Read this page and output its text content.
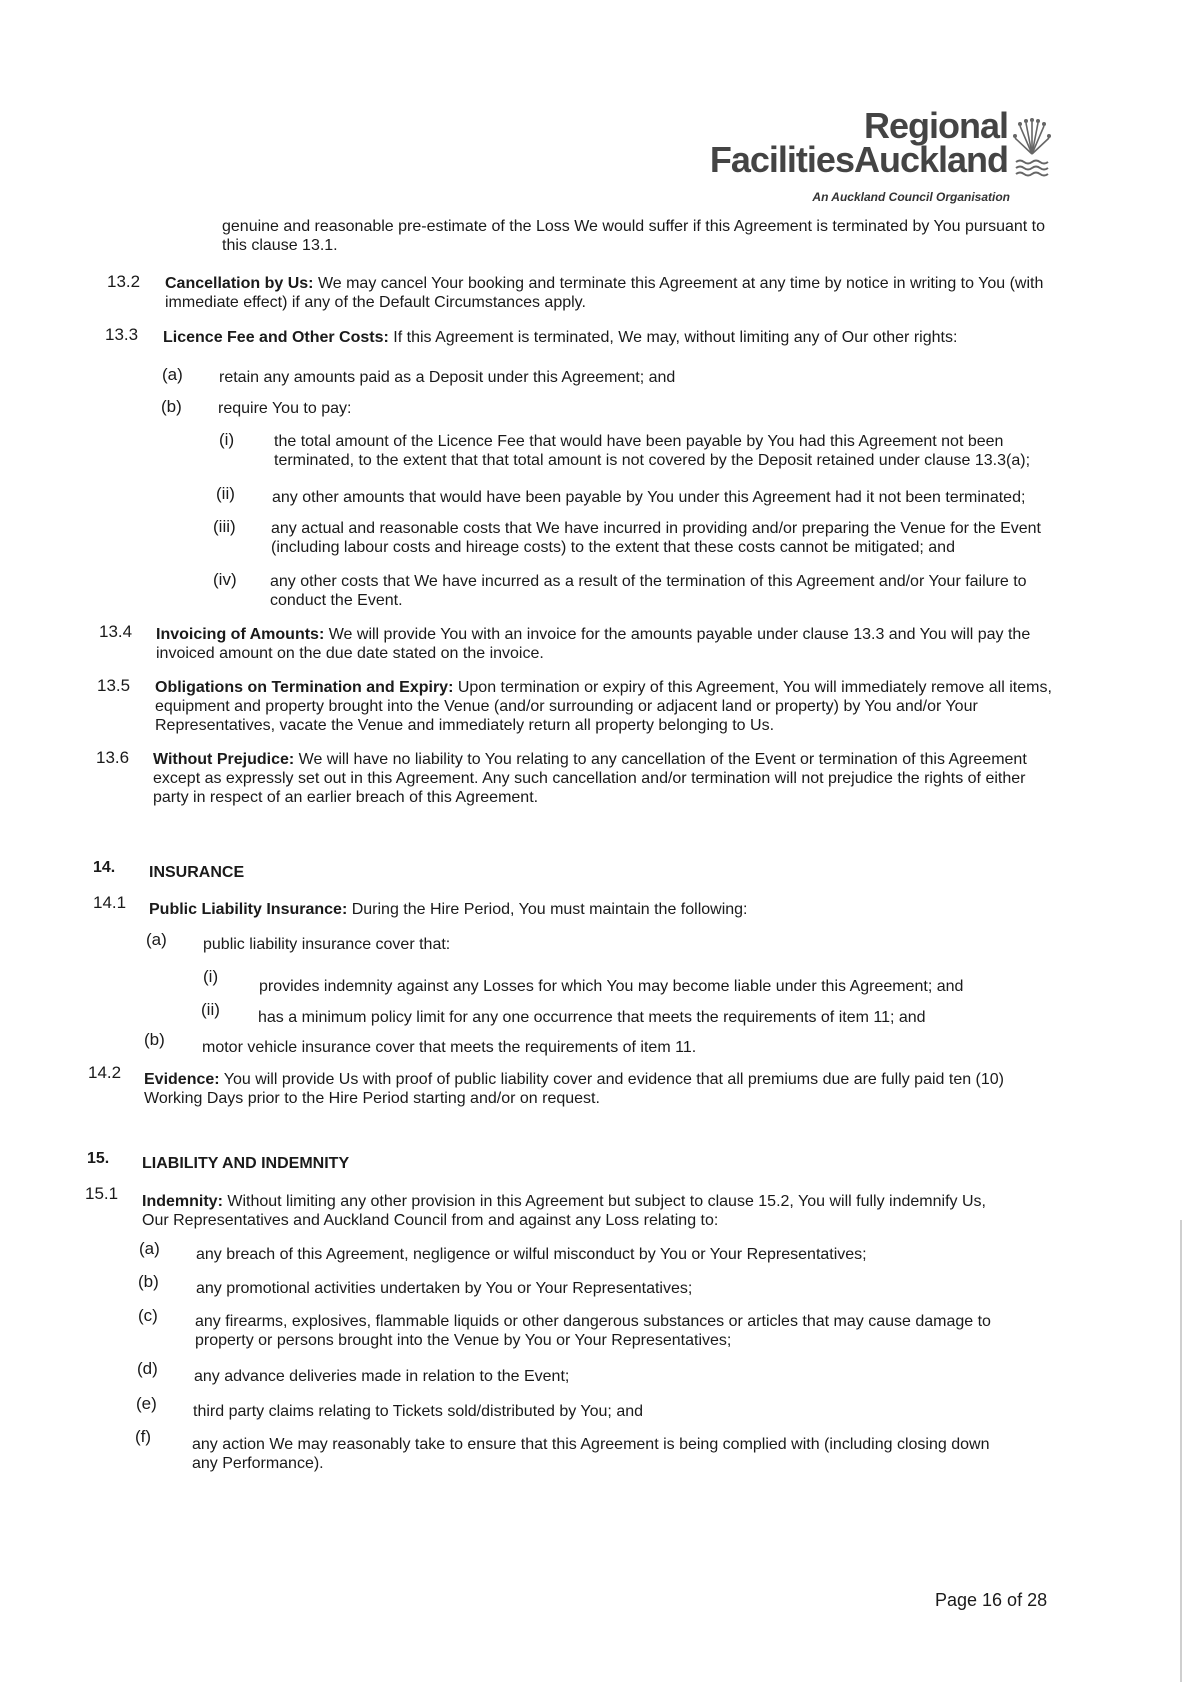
Regional
FacilitiesAuckland
An Auckland Council Organisation
genuine and reasonable pre-estimate of the Loss We would suffer if this Agreement is terminated by You pursuant to this clause 13.1.
13.2 Cancellation by Us: We may cancel Your booking and terminate this Agreement at any time by notice in writing to You (with immediate effect) if any of the Default Circumstances apply.
13.3 Licence Fee and Other Costs: If this Agreement is terminated, We may, without limiting any of Our other rights:
(a) retain any amounts paid as a Deposit under this Agreement; and
(b) require You to pay:
(i) the total amount of the Licence Fee that would have been payable by You had this Agreement not been terminated, to the extent that that total amount is not covered by the Deposit retained under clause 13.3(a);
(ii) any other amounts that would have been payable by You under this Agreement had it not been terminated;
(iii) any actual and reasonable costs that We have incurred in providing and/or preparing the Venue for the Event (including labour costs and hireage costs) to the extent that these costs cannot be mitigated; and
(iv) any other costs that We have incurred as a result of the termination of this Agreement and/or Your failure to conduct the Event.
13.4 Invoicing of Amounts: We will provide You with an invoice for the amounts payable under clause 13.3 and You will pay the invoiced amount on the due date stated on the invoice.
13.5 Obligations on Termination and Expiry: Upon termination or expiry of this Agreement, You will immediately remove all items, equipment and property brought into the Venue (and/or surrounding or adjacent land or property) by You and/or Your Representatives, vacate the Venue and immediately return all property belonging to Us.
13.6 Without Prejudice: We will have no liability to You relating to any cancellation of the Event or termination of this Agreement except as expressly set out in this Agreement. Any such cancellation and/or termination will not prejudice the rights of either party in respect of an earlier breach of this Agreement.
14. INSURANCE
14.1 Public Liability Insurance: During the Hire Period, You must maintain the following:
(a) public liability insurance cover that:
(i)
provides indemnity against any Losses for which You may become liable under this Agreement; and
(ii) has a minimum policy limit for any one occurrence that meets the requirements of item 11; and
(b) motor vehicle insurance cover that meets the requirements of item 11.
14.2 Evidence: You will provide Us with proof of public liability cover and evidence that all premiums due are fully paid ten (10) Working Days prior to the Hire Period starting and/or on request.
15. LIABILITY AND INDEMNITY
15.1 Indemnity: Without limiting any other provision in this Agreement but subject to clause 15.2, You will fully indemnify Us, Our Representatives and Auckland Council from and against any Loss relating to:
(a) any breach of this Agreement, negligence or wilful misconduct by You or Your Representatives;
(b) any promotional activities undertaken by You or Your Representatives;
(c) any firearms, explosives, flammable liquids or other dangerous substances or articles that may cause damage to property or persons brought into the Venue by You or Your Representatives;
(d) any advance deliveries made in relation to the Event;
(e) third party claims relating to Tickets sold/distributed by You; and
(f)	any action We may reasonably take to ensure that this Agreement is being complied with (including closing down any Performance).
Page 16 of 28
